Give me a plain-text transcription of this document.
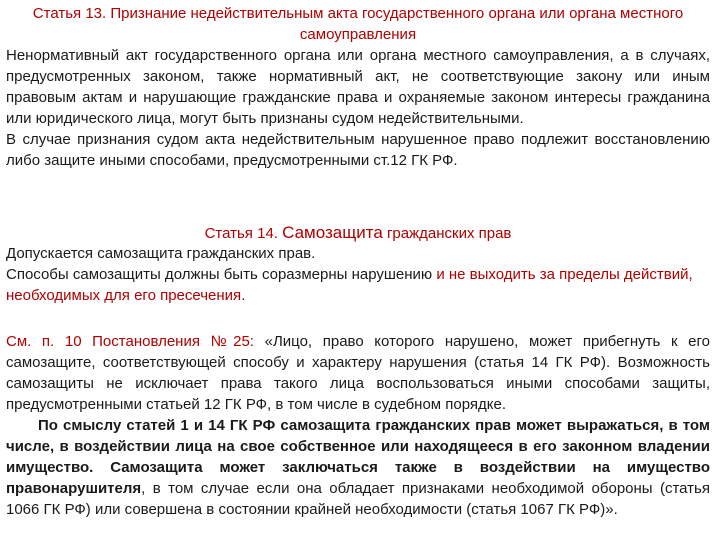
Статья 13. Признание недействительным акта государственного органа или органа местного самоуправления

Ненормативный акт государственного органа или органа местного самоуправления, а в случаях, предусмотренных законом, также нормативный акт, не соответствующие закону или иным правовым актам и нарушающие гражданские права и охраняемые законом интересы гражданина или юридического лица, могут быть признаны судом недействительными.

В случае признания судом акта недействительным нарушенное право подлежит восстановлению либо защите иными способами, предусмотренными ст.12 ГК РФ.

Статья 14. Самозащита гражданских прав

Допускается самозащита гражданских прав.

Способы самозащиты должны быть соразмерны нарушению и не выходить за пределы действий, необходимых для его пресечения.

См. п. 10 Постановления №25: «Лицо, право которого нарушено, может прибегнуть к его самозащите, соответствующей способу и характеру нарушения (статья 14 ГК РФ). Возможность самозащиты не исключает права такого лица воспользоваться иными способами защиты, предусмотренными статьей 12 ГК РФ, в том числе в судебном порядке.

По смыслу статей 1 и 14 ГК РФ самозащита гражданских прав может выражаться, в том числе, в воздействии лица на свое собственное или находящееся в его законном владении имущество. Самозащита может заключаться также в воздействии на имущество правонарушителя, в том случае если она обладает признаками необходимой обороны (статья 1066 ГК РФ) или совершена в состоянии крайней необходимости (статья 1067 ГК РФ)».
